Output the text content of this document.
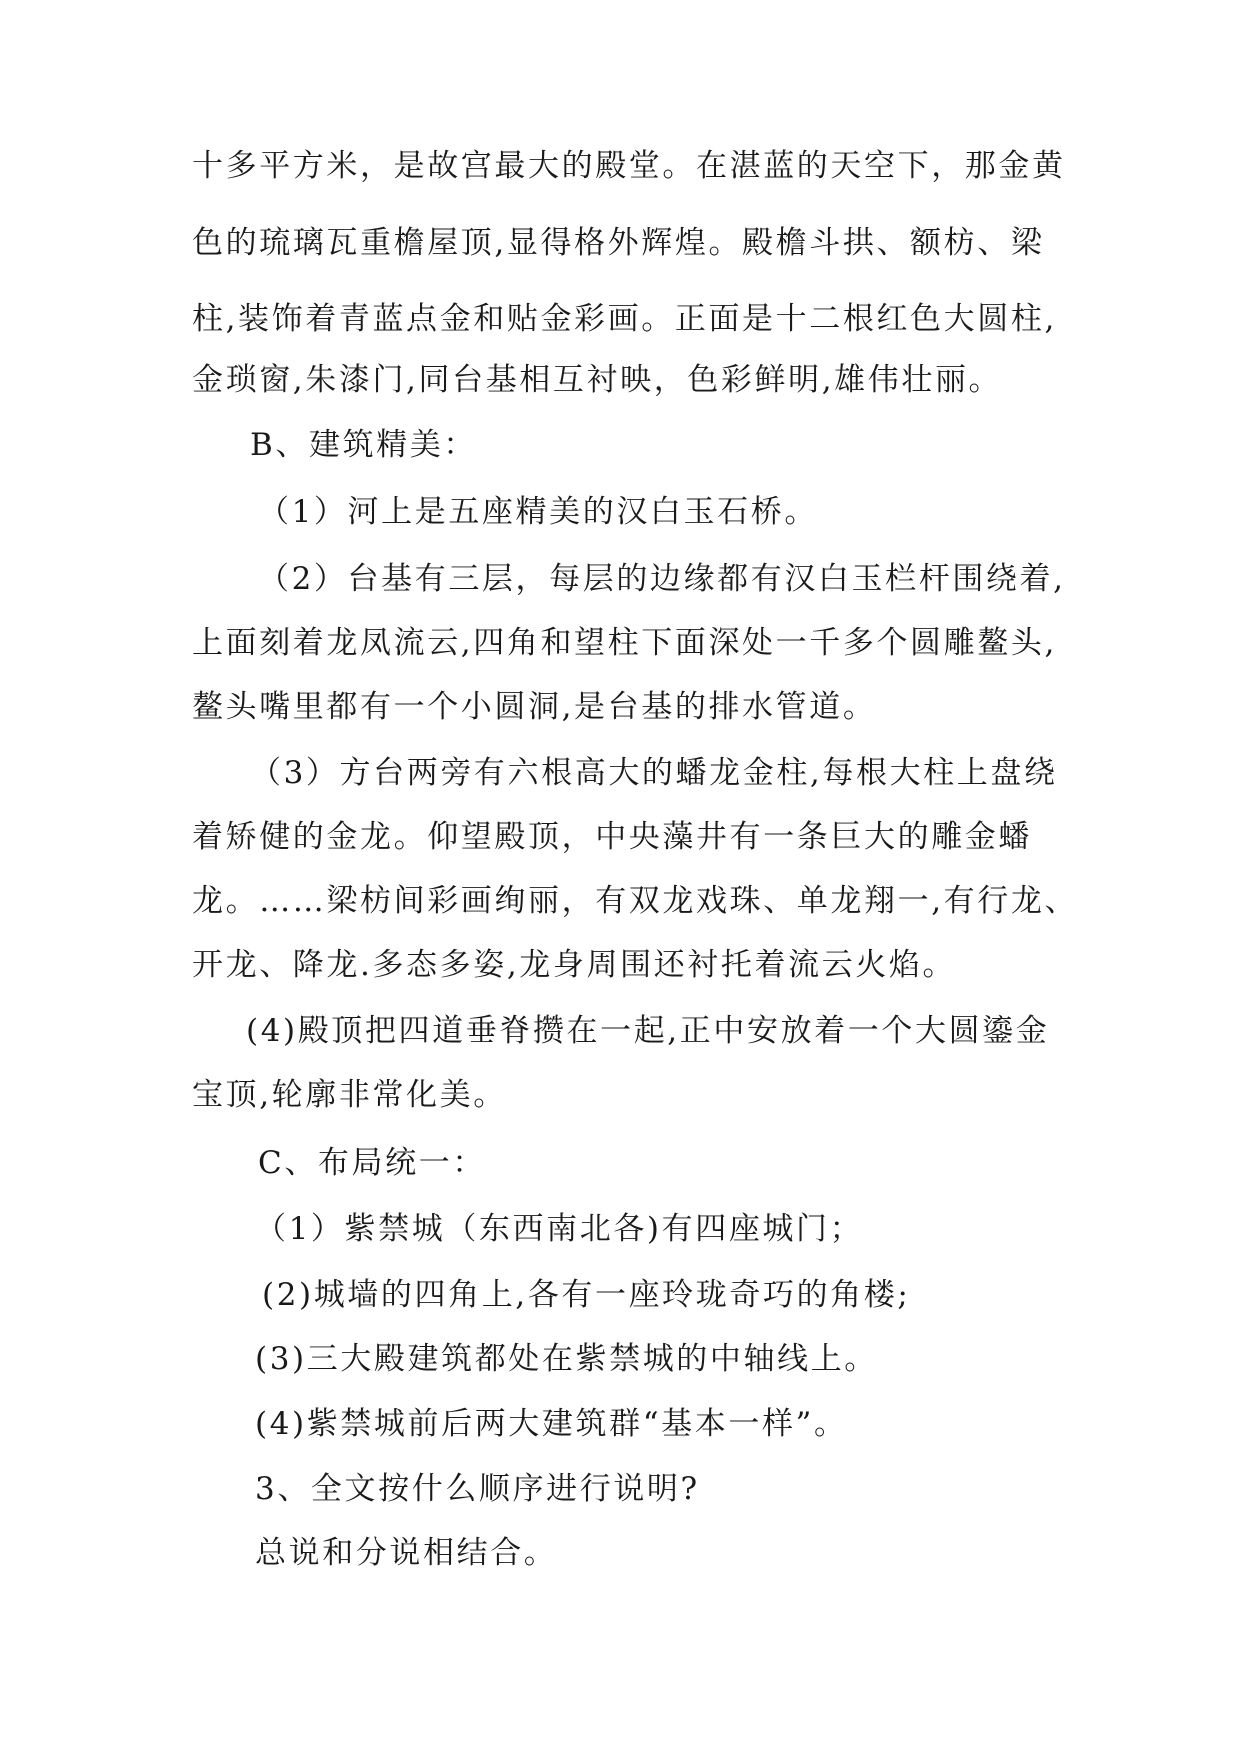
十多平方米，是故宫最大的殿堂。在湛蓝的天空下，那金黄
色的琉璃瓦重檐屋顶,显得格外辉煌。殿檐斗拱、额枋、梁
柱,装饰着青蓝点金和贴金彩画。正面是十二根红色大圆柱,
金琐窗,朱漆门,同台基相互衬映，色彩鲜明,雄伟壮丽。
B、建筑精美：
（1）河上是五座精美的汉白玉石桥。
（2）台基有三层，每层的边缘都有汉白玉栏杆围绕着,
上面刻着龙凤流云,四角和望柱下面深处一千多个圆雕鳌头,
鳌头嘴里都有一个小圆洞,是台基的排水管道。
（3）方台两旁有六根高大的蟠龙金柱,每根大柱上盘绕
着矫健的金龙。仰望殿顶，中央藻井有一条巨大的雕金蟠
龙。……梁枋间彩画绚丽，有双龙戏珠、单龙翔一,有行龙、
开龙、降龙.多态多姿,龙身周围还衬托着流云火焰。
(4)殿顶把四道垂脊攒在一起,正中安放着一个大圆鎏金
宝顶,轮廓非常化美。
C、布局统一：
（1）紫禁城（东西南北各)有四座城门；
(2)城墙的四角上,各有一座玲珑奇巧的角楼;
(3)三大殿建筑都处在紫禁城的中轴线上。
(4)紫禁城前后两大建筑群“基本一样”。
3、全文按什么顺序进行说明?
总说和分说相结合。
